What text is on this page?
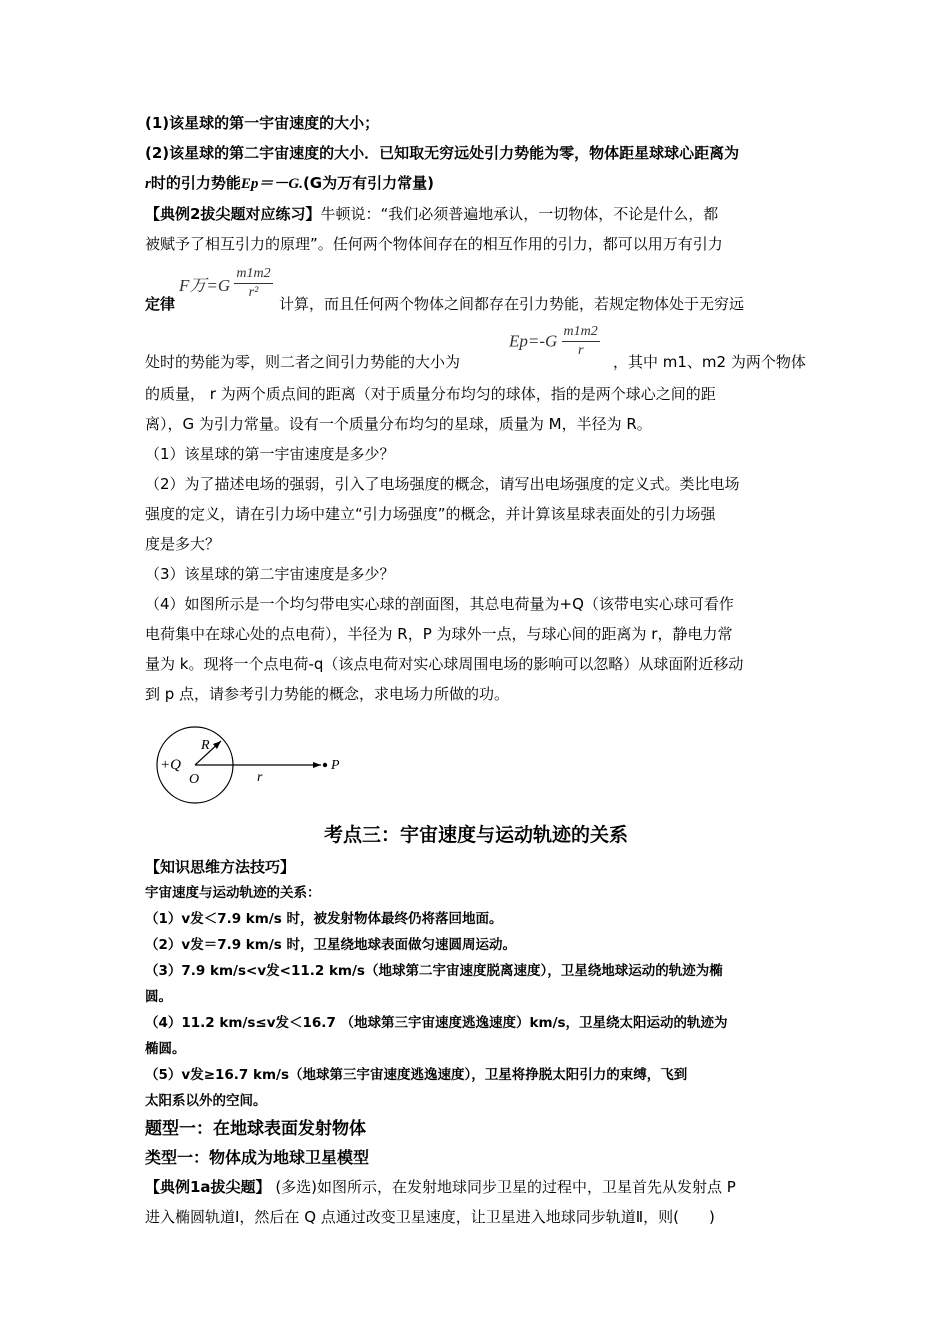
(1)该星球的第一宇宙速度的大小；

(2)该星球的第二宇宙速度的大小．已知取无穷远处引力势能为零，物体距星球球心距离为

r时的引力势能Ep＝－G.(G为万有引力常量)

【典例2拔尖题对应练习】牛顿说：“我们必须普遍地承认，一切物体，不论是什么，都

被赋予了相互引力的原理”。任何两个物体间存在的相互作用的引力，都可以用万有引力

定律
F万$=G \frac{m1m2}{\text{r²}}$
计算，而且任何两个物体之间都存在引力势能，若规定物体处于无穷远
处时的势能为零，则二者之间引力势能的大小为
$Ep=-G \frac{m1m2}{r}$
，其中 m1、m2 为两个物体

的质量， r 为两个质点间的距离（对于质量分布均匀的球体，指的是两个球心之间的距

离），G 为引力常量。设有一个质量分布均匀的星球，质量为 M，半径为 R。

（1）该星球的第一宇宙速度是多少？

（2）为了描述电场的强弱，引入了电场强度的概念，请写出电场强度的定义式。类比电场

强度的定义，请在引力场中建立“引力场强度”的概念，并计算该星球表面处的引力场强

度是多大？

（3）该星球的第二宇宙速度是多少？

（4）如图所示是一个均匀带电实心球的剖面图，其总电荷量为+Q（该带电实心球可看作

电荷集中在球心处的点电荷），半径为 R，P 为球外一点，与球心间的距离为 r，静电力常

量为 k。现将一个点电荷-q（该点电荷对实心球周围电场的影响可以忽略）从球面附近移动

到 p 点，请参考引力势能的概念，求电场力所做的功。

+Q
O
R
r
P
考点三：宇宙速度与运动轨迹的关系

【知识思维方法技巧】

宇宙速度与运动轨迹的关系：

（1）v发＜7.9 km/s 时，被发射物体最终仍将落回地面。

（2）v发＝7.9 km/s 时，卫星绕地球表面做匀速圆周运动。

（3）7.9 km/s<v发<11.2 km/s（地球第二宇宙速度脱离速度），卫星绕地球运动的轨迹为椭

圆。

（4）11.2 km/s≤v发＜16.7 （地球第三宇宙速度逃逸速度）km/s，卫星绕太阳运动的轨迹为

椭圆。

（5）v发≥16.7 km/s（地球第三宇宙速度逃逸速度），卫星将挣脱太阳引力的束缚，飞到

太阳系以外的空间。

题型一：在地球表面发射物体

类型一：物体成为地球卫星模型

【典例1a拔尖题】 (多选)如图所示，在发射地球同步卫星的过程中，卫星首先从发射点 P

进入椭圆轨道Ⅰ，然后在 Q 点通过改变卫星速度，让卫星进入地球同步轨道Ⅱ，则(　　)
